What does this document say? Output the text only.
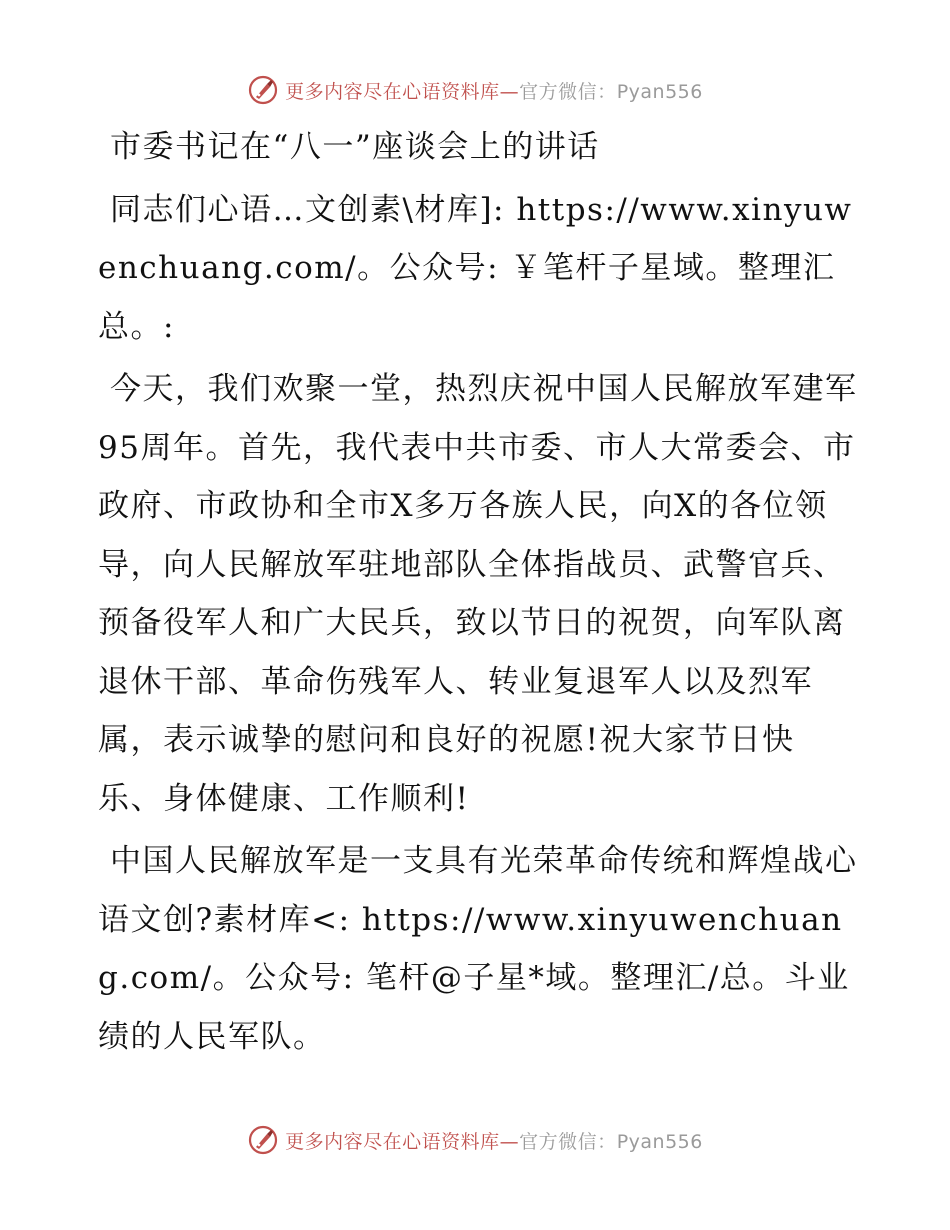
更多内容尽在心语资料库—官方微信：Pyan556

市委书记在“八一”座谈会上的讲话

同志们心语…文创素\材库]: https://www.xinyuwenchuang.com/。公众号: ￥笔杆子星域。整理汇总。:

今天，我们欢聚一堂，热烈庆祝中国人民解放军建军95周年。首先，我代表中共市委、市人大常委会、市政府、市政协和全市X多万各族人民，向X的各位领导，向人民解放军驻地部队全体指战员、武警官兵、预备役军人和广大民兵，致以节日的祝贺，向军队离退休干部、革命伤残军人、转业复退军人以及烈军属，表示诚挚的慰问和良好的祝愿!祝大家节日快乐、身体健康、工作顺利!

中国人民解放军是一支具有光荣革命传统和辉煌战心语文创?素材库<: https://www.xinyuwenchuang.com/。公众号: 笔杆@子星*域。整理汇/总。斗业绩的人民军队。

更多内容尽在心语资料库—官方微信：Pyan556
